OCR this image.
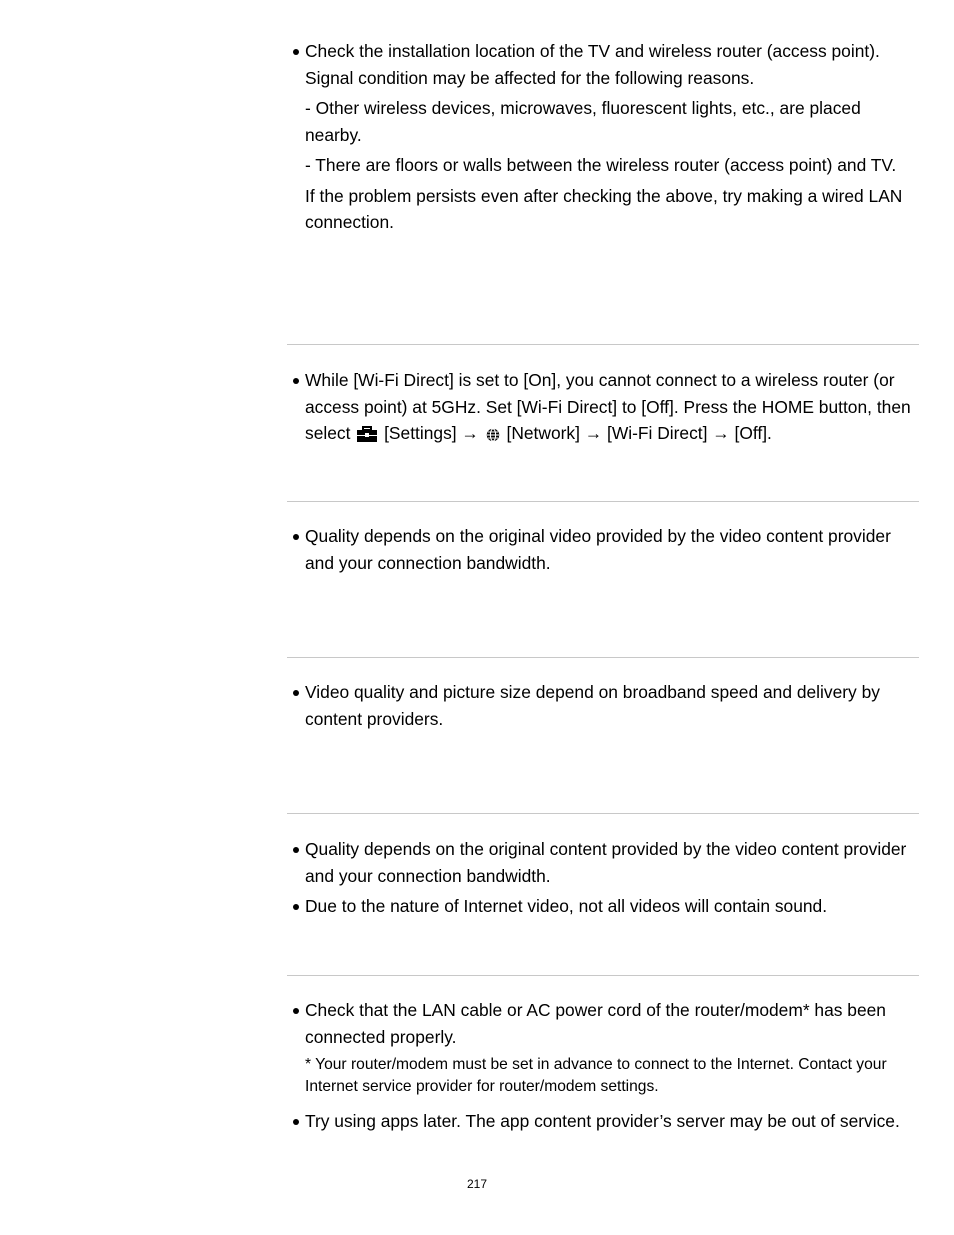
Check the installation location of the TV and wireless router (access point). Signal condition may be affected for the following reasons.
- Other wireless devices, microwaves, fluorescent lights, etc., are placed nearby.
- There are floors or walls between the wireless router (access point) and TV.
If the problem persists even after checking the above, try making a wired LAN connection.
While [Wi-Fi Direct] is set to [On], you cannot connect to a wireless router (or access point) at 5GHz. Set [Wi-Fi Direct] to [Off]. Press the HOME button, then select  [Settings] →  [Network] → [Wi-Fi Direct] → [Off].
Quality depends on the original video provided by the video content provider and your connection bandwidth.
Video quality and picture size depend on broadband speed and delivery by content providers.
Quality depends on the original content provided by the video content provider and your connection bandwidth.
Due to the nature of Internet video, not all videos will contain sound.
Check that the LAN cable or AC power cord of the router/modem* has been connected properly.
* Your router/modem must be set in advance to connect to the Internet. Contact your Internet service provider for router/modem settings.
Try using apps later. The app content provider’s server may be out of service.
217
